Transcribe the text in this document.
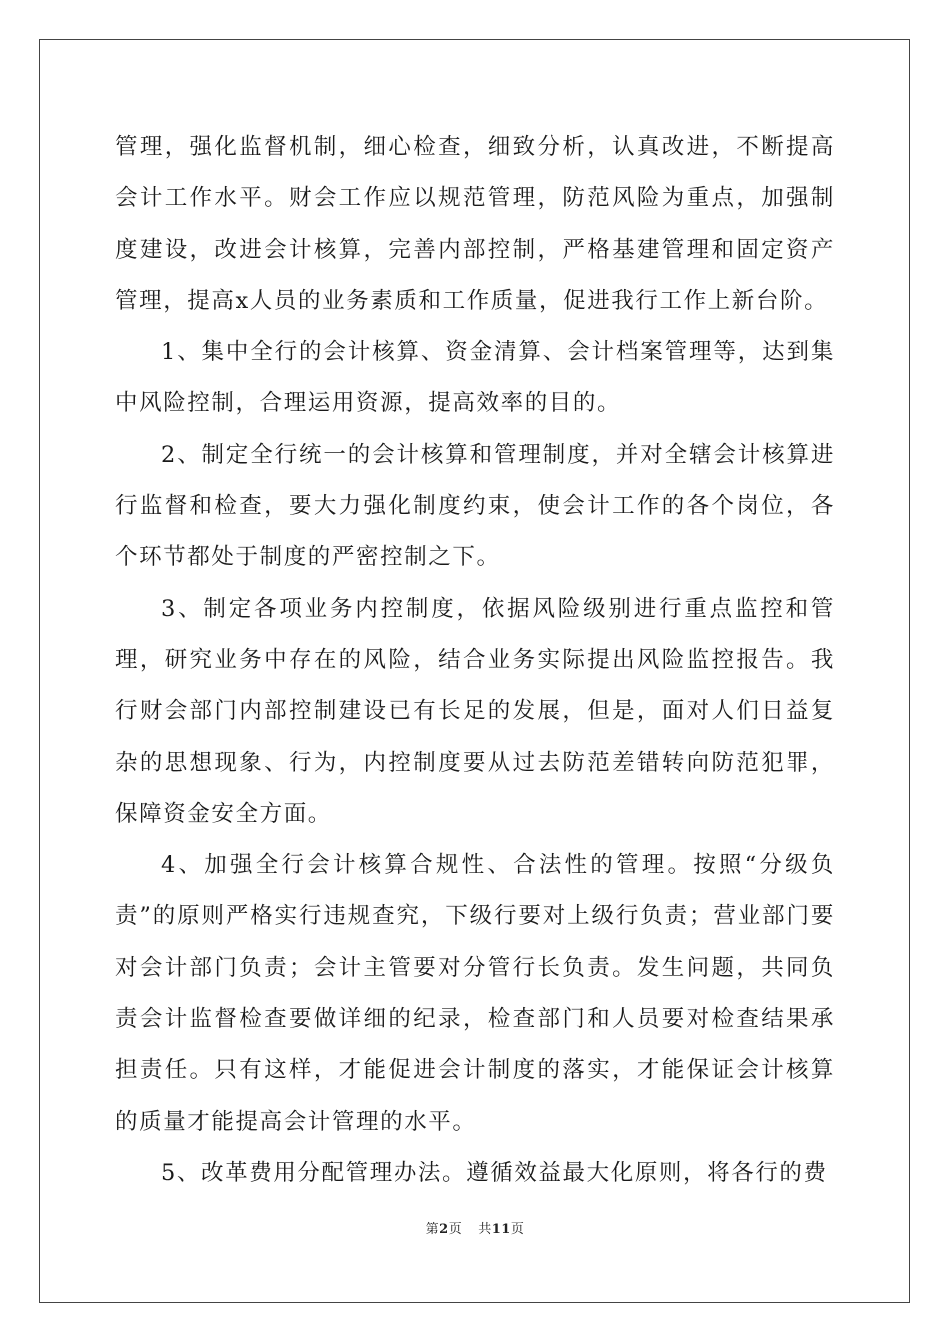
管理，强化监督机制，细心检查，细致分析，认真改进，不断提高会计工作水平。财会工作应以规范管理，防范风险为重点，加强制度建设，改进会计核算，完善内部控制，严格基建管理和固定资产管理，提高x人员的业务素质和工作质量，促进我行工作上新台阶。

1、集中全行的会计核算、资金清算、会计档案管理等，达到集中风险控制，合理运用资源，提高效率的目的。

2、制定全行统一的会计核算和管理制度，并对全辖会计核算进行监督和检查，要大力强化制度约束，使会计工作的各个岗位，各个环节都处于制度的严密控制之下。

3、制定各项业务内控制度，依据风险级别进行重点监控和管理，研究业务中存在的风险，结合业务实际提出风险监控报告。我行财会部门内部控制建设已有长足的发展，但是，面对人们日益复杂的思想现象、行为，内控制度要从过去防范差错转向防范犯罪，保障资金安全方面。

4、加强全行会计核算合规性、合法性的管理。按照“分级负责”的原则严格实行违规查究，下级行要对上级行负责；营业部门要对会计部门负责；会计主管要对分管行长负责。发生问题，共同负责会计监督检查要做详细的纪录，检查部门和人员要对检查结果承担责任。只有这样，才能促进会计制度的落实，才能保证会计核算的质量才能提高会计管理的水平。

5、改革费用分配管理办法。遵循效益最大化原则，将各行的费

第2页 共11页
